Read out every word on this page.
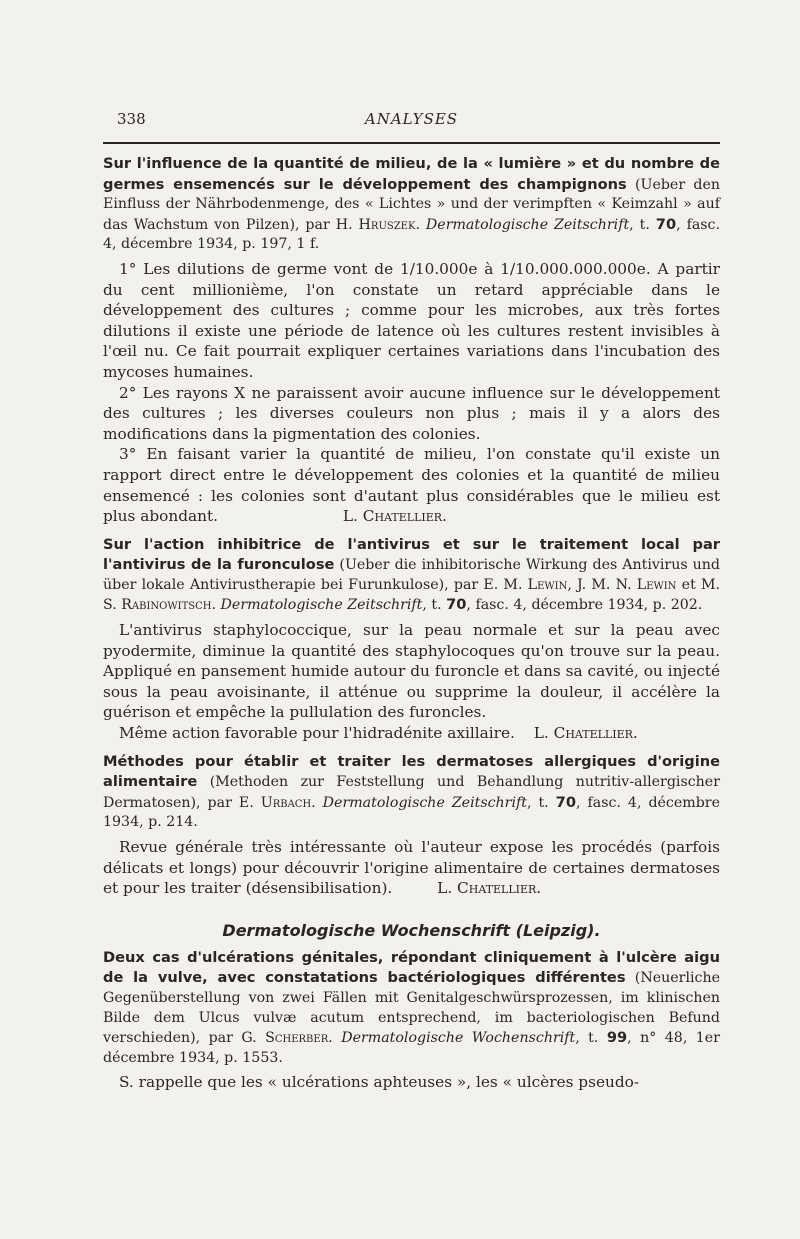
338	ANALYSES
Sur l'influence de la quantité de milieu, de la « lumière » et du nombre de germes ensemencés sur le développement des champignons (Ueber den Einfluss der Nährbodenmenge, des « Lichtes » und der verimpften « Keimzahl » auf das Wachstum von Pilzen), par H. Hruszek. Dermatologische Zeitschrift, t. 70, fasc. 4, décembre 1934, p. 197, 1 f.

1° Les dilutions de germe vont de 1/10.000e à 1/10.000.000.000e. A partir du cent millionième, l'on constate un retard appréciable dans le développement des cultures ; comme pour les microbes, aux très fortes dilutions il existe une période de latence où les cultures restent invisibles à l'œil nu. Ce fait pourrait expliquer certaines variations dans l'incubation des mycoses humaines.

2° Les rayons X ne paraissent avoir aucune influence sur le développement des cultures ; les diverses couleurs non plus ; mais il y a alors des modifications dans la pigmentation des colonies.

3° En faisant varier la quantité de milieu, l'on constate qu'il existe un rapport direct entre le développement des colonies et la quantité de milieu ensemencé : les colonies sont d'autant plus considérables que le milieu est plus abondant.	L. Chatellier.

Sur l'action inhibitrice de l'antivirus et sur le traitement local par l'antivirus de la furonculose (Ueber die inhibitorische Wirkung des Antivirus und über lokale Antivirustherapie bei Furunkulose), par E. M. Lewin, J. M. N. Lewin et M. S. Rabinowitsch. Dermatologische Zeitschrift, t. 70, fasc. 4, décembre 1934, p. 202.

L'antivirus staphylococcique, sur la peau normale et sur la peau avec pyodermite, diminue la quantité des staphylocoques qu'on trouve sur la peau. Appliqué en pansement humide autour du furoncle et dans sa cavité, ou injecté sous la peau avoisinante, il atténue ou supprime la douleur, il accélère la guérison et empêche la pullulation des furoncles.

Même action favorable pour l'hidradénite axillaire. L. Chatellier.

Méthodes pour établir et traiter les dermatoses allergiques d'origine alimentaire (Methoden zur Feststellung und Behandlung nutritiv-allergischer Dermatosen), par E. Urbach. Dermatologische Zeitschrift, t. 70, fasc. 4, décembre 1934, p. 214.

Revue générale très intéressante où l'auteur expose les procédés (parfois délicats et longs) pour découvrir l'origine alimentaire de certaines dermatoses et pour les traiter (désensibilisation).	L. Chatellier.

Dermatologische Wochenschrift (Leipzig).
Deux cas d'ulcérations génitales, répondant cliniquement à l'ulcère aigu de la vulve, avec constatations bactériologiques différentes (Neuerliche Gegenüberstellung von zwei Fällen mit Genitalgeschwürsprozessen, im klinischen Bilde dem Ulcus vulvæ acutum entsprechend, im bacteriologischen Befund verschieden), par G. Scherber. Dermatologische Wochenschrift, t. 99, n° 48, 1er décembre 1934, p. 1553.

S. rappelle que les « ulcérations aphteuses », les « ulcères pseudo-
